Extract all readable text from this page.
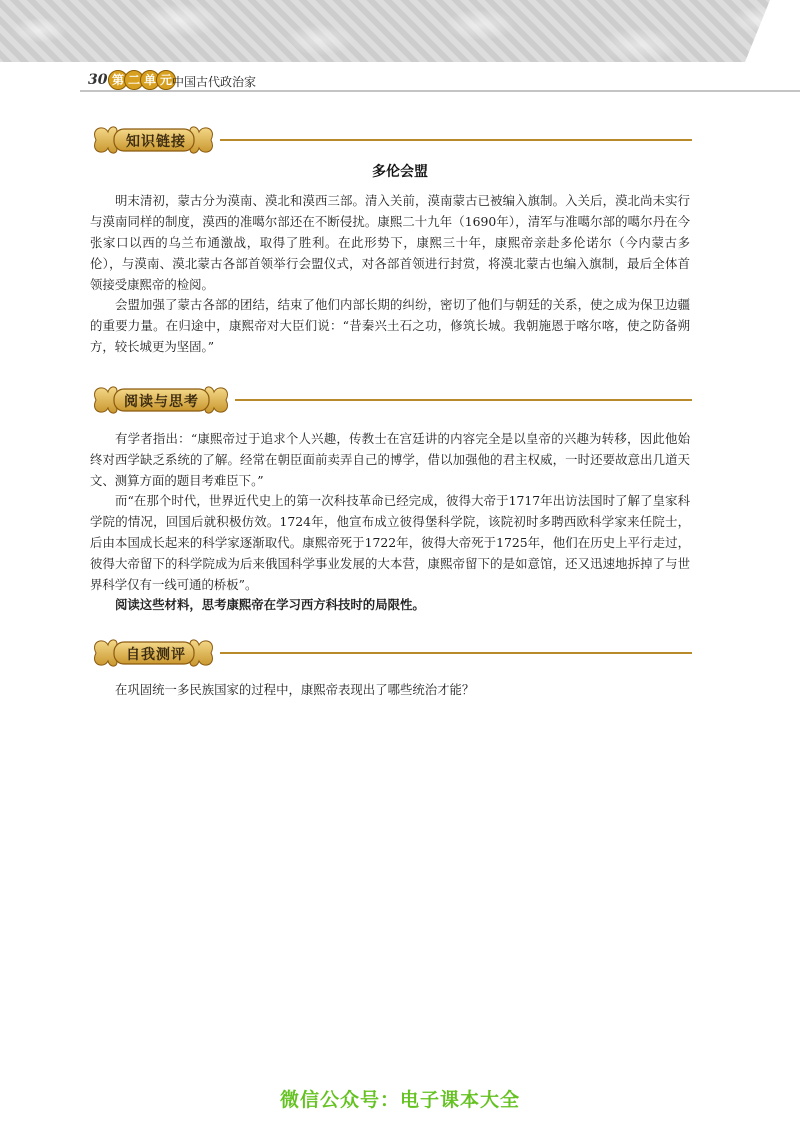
30 第 二 单 元 中国古代政治家
知识链接
多伦会盟

明末清初，蒙古分为漠南、漠北和漠西三部。清入关前，漠南蒙古已被编入旗制。入关后，漠北尚未实行与漠南同样的制度，漠西的准噶尔部还在不断侵扰。康熙二十九年（1690年），清军与准噶尔部的噶尔丹在今张家口以西的乌兰布通激战，取得了胜利。在此形势下，康熙三十年，康熙帝亲赴多伦诺尔（今内蒙古多伦），与漠南、漠北蒙古各部首领举行会盟仪式，对各部首领进行封赏，将漠北蒙古也编入旗制，最后全体首领接受康熙帝的检阅。

会盟加强了蒙古各部的团结，结束了他们内部长期的纠纷，密切了他们与朝廷的关系，使之成为保卫边疆的重要力量。在归途中，康熙帝对大臣们说：“昔秦兴土石之功，修筑长城。我朝施恩于喀尔喀，使之防备朔方，较长城更为坚固。”

阅读与思考

有学者指出：“康熙帝过于追求个人兴趣，传教士在宫廷讲的内容完全是以皇帝的兴趣为转移，因此他始终对西学缺乏系统的了解。经常在朝臣面前卖弄自己的博学，借以加强他的君主权威，一时还要故意出几道天文、测算方面的题目考难臣下。”

而“在那个时代，世界近代史上的第一次科技革命已经完成，彼得大帝于1717年出访法国时了解了皇家科学院的情况，回国后就积极仿效。1724年，他宣布成立彼得堡科学院，该院初时多聘西欧科学家来任院士，后由本国成长起来的科学家逐渐取代。康熙帝死于1722年，彼得大帝死于1725年，他们在历史上平行走过，彼得大帝留下的科学院成为后来俄国科学事业发展的大本营，康熙帝留下的是如意馆，还又迅速地拆掉了与世界科学仅有一线可通的桥板”。

阅读这些材料，思考康熙帝在学习西方科技时的局限性。

自我测评

在巩固统一多民族国家的过程中，康熙帝表现出了哪些统治才能？

微信公众号：电子课本大全
